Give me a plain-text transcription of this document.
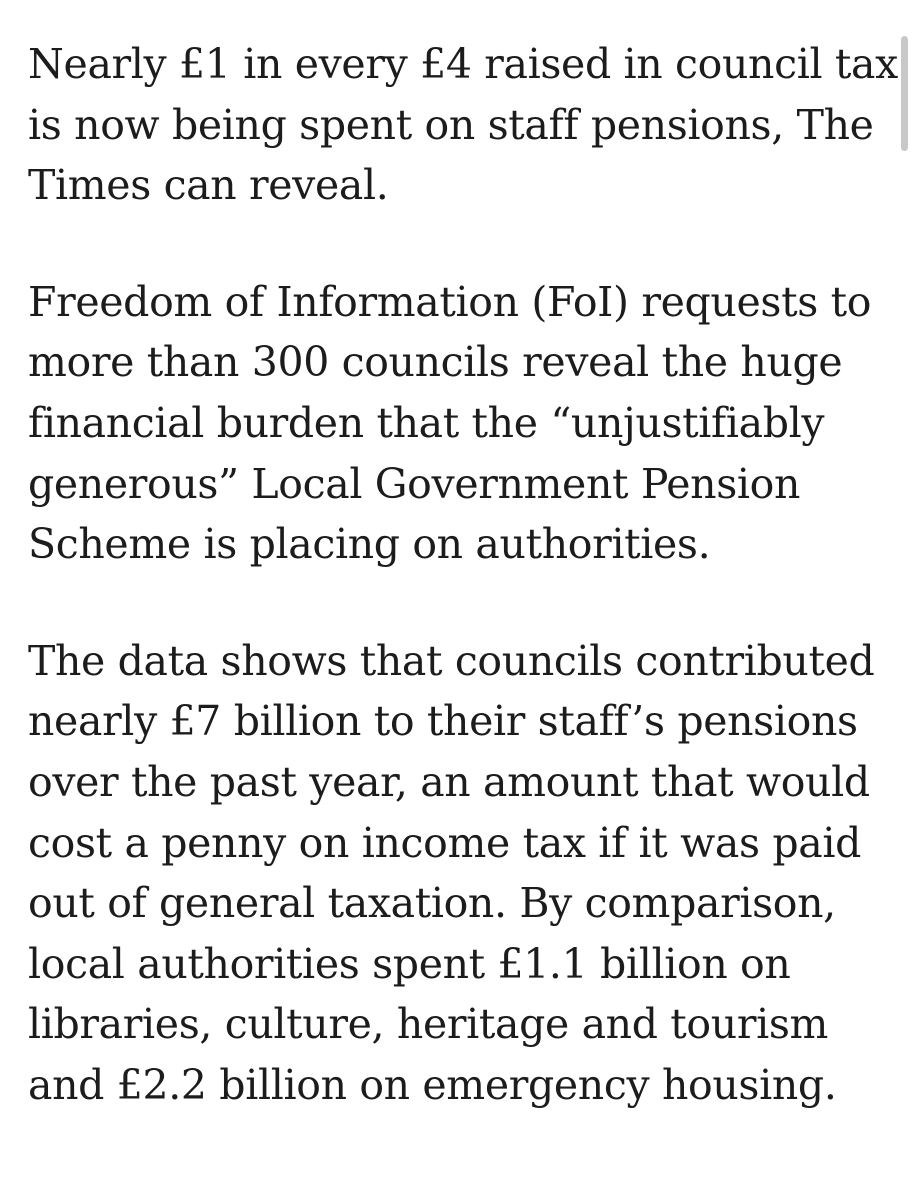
Nearly £1 in every £4 raised in council tax
is now being spent on staff pensions, The
Times can reveal.

Freedom of Information (FoI) requests to
more than 300 councils reveal the huge
financial burden that the “unjustifiably
generous” Local Government Pension
Scheme is placing on authorities.

The data shows that councils contributed
nearly £7 billion to their staff’s pensions
over the past year, an amount that would
cost a penny on income tax if it was paid
out of general taxation. By comparison,
local authorities spent £1.1 billion on
libraries, culture, heritage and tourism
and £2.2 billion on emergency housing.
